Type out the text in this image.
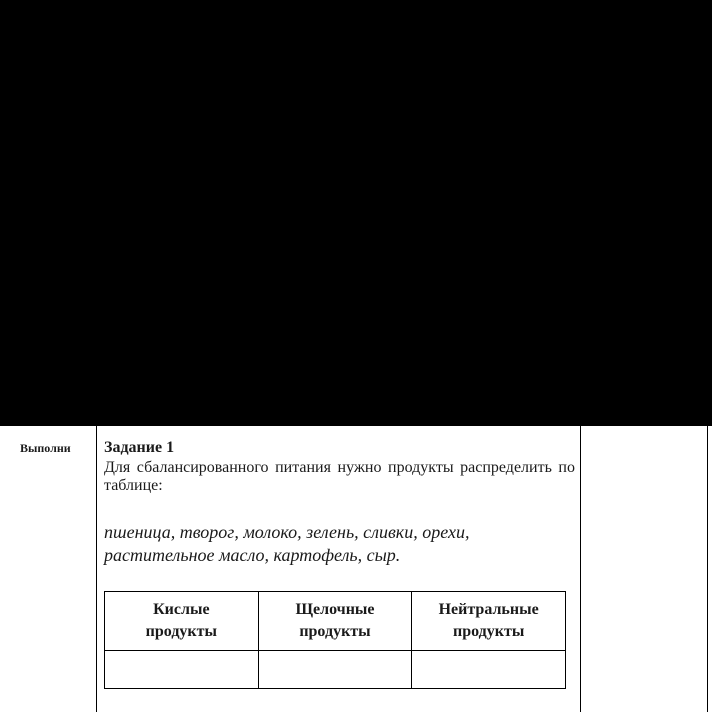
Выполни Задание 1

Для сбалансированного питания нужно продукты распределить по таблице:

пшеница, творог, молоко, зелень, сливки, орехи,

растительное масло, картофель, сыр.

Кислые
продукты	Щелочные
продукты	Нейтральные
продукты
